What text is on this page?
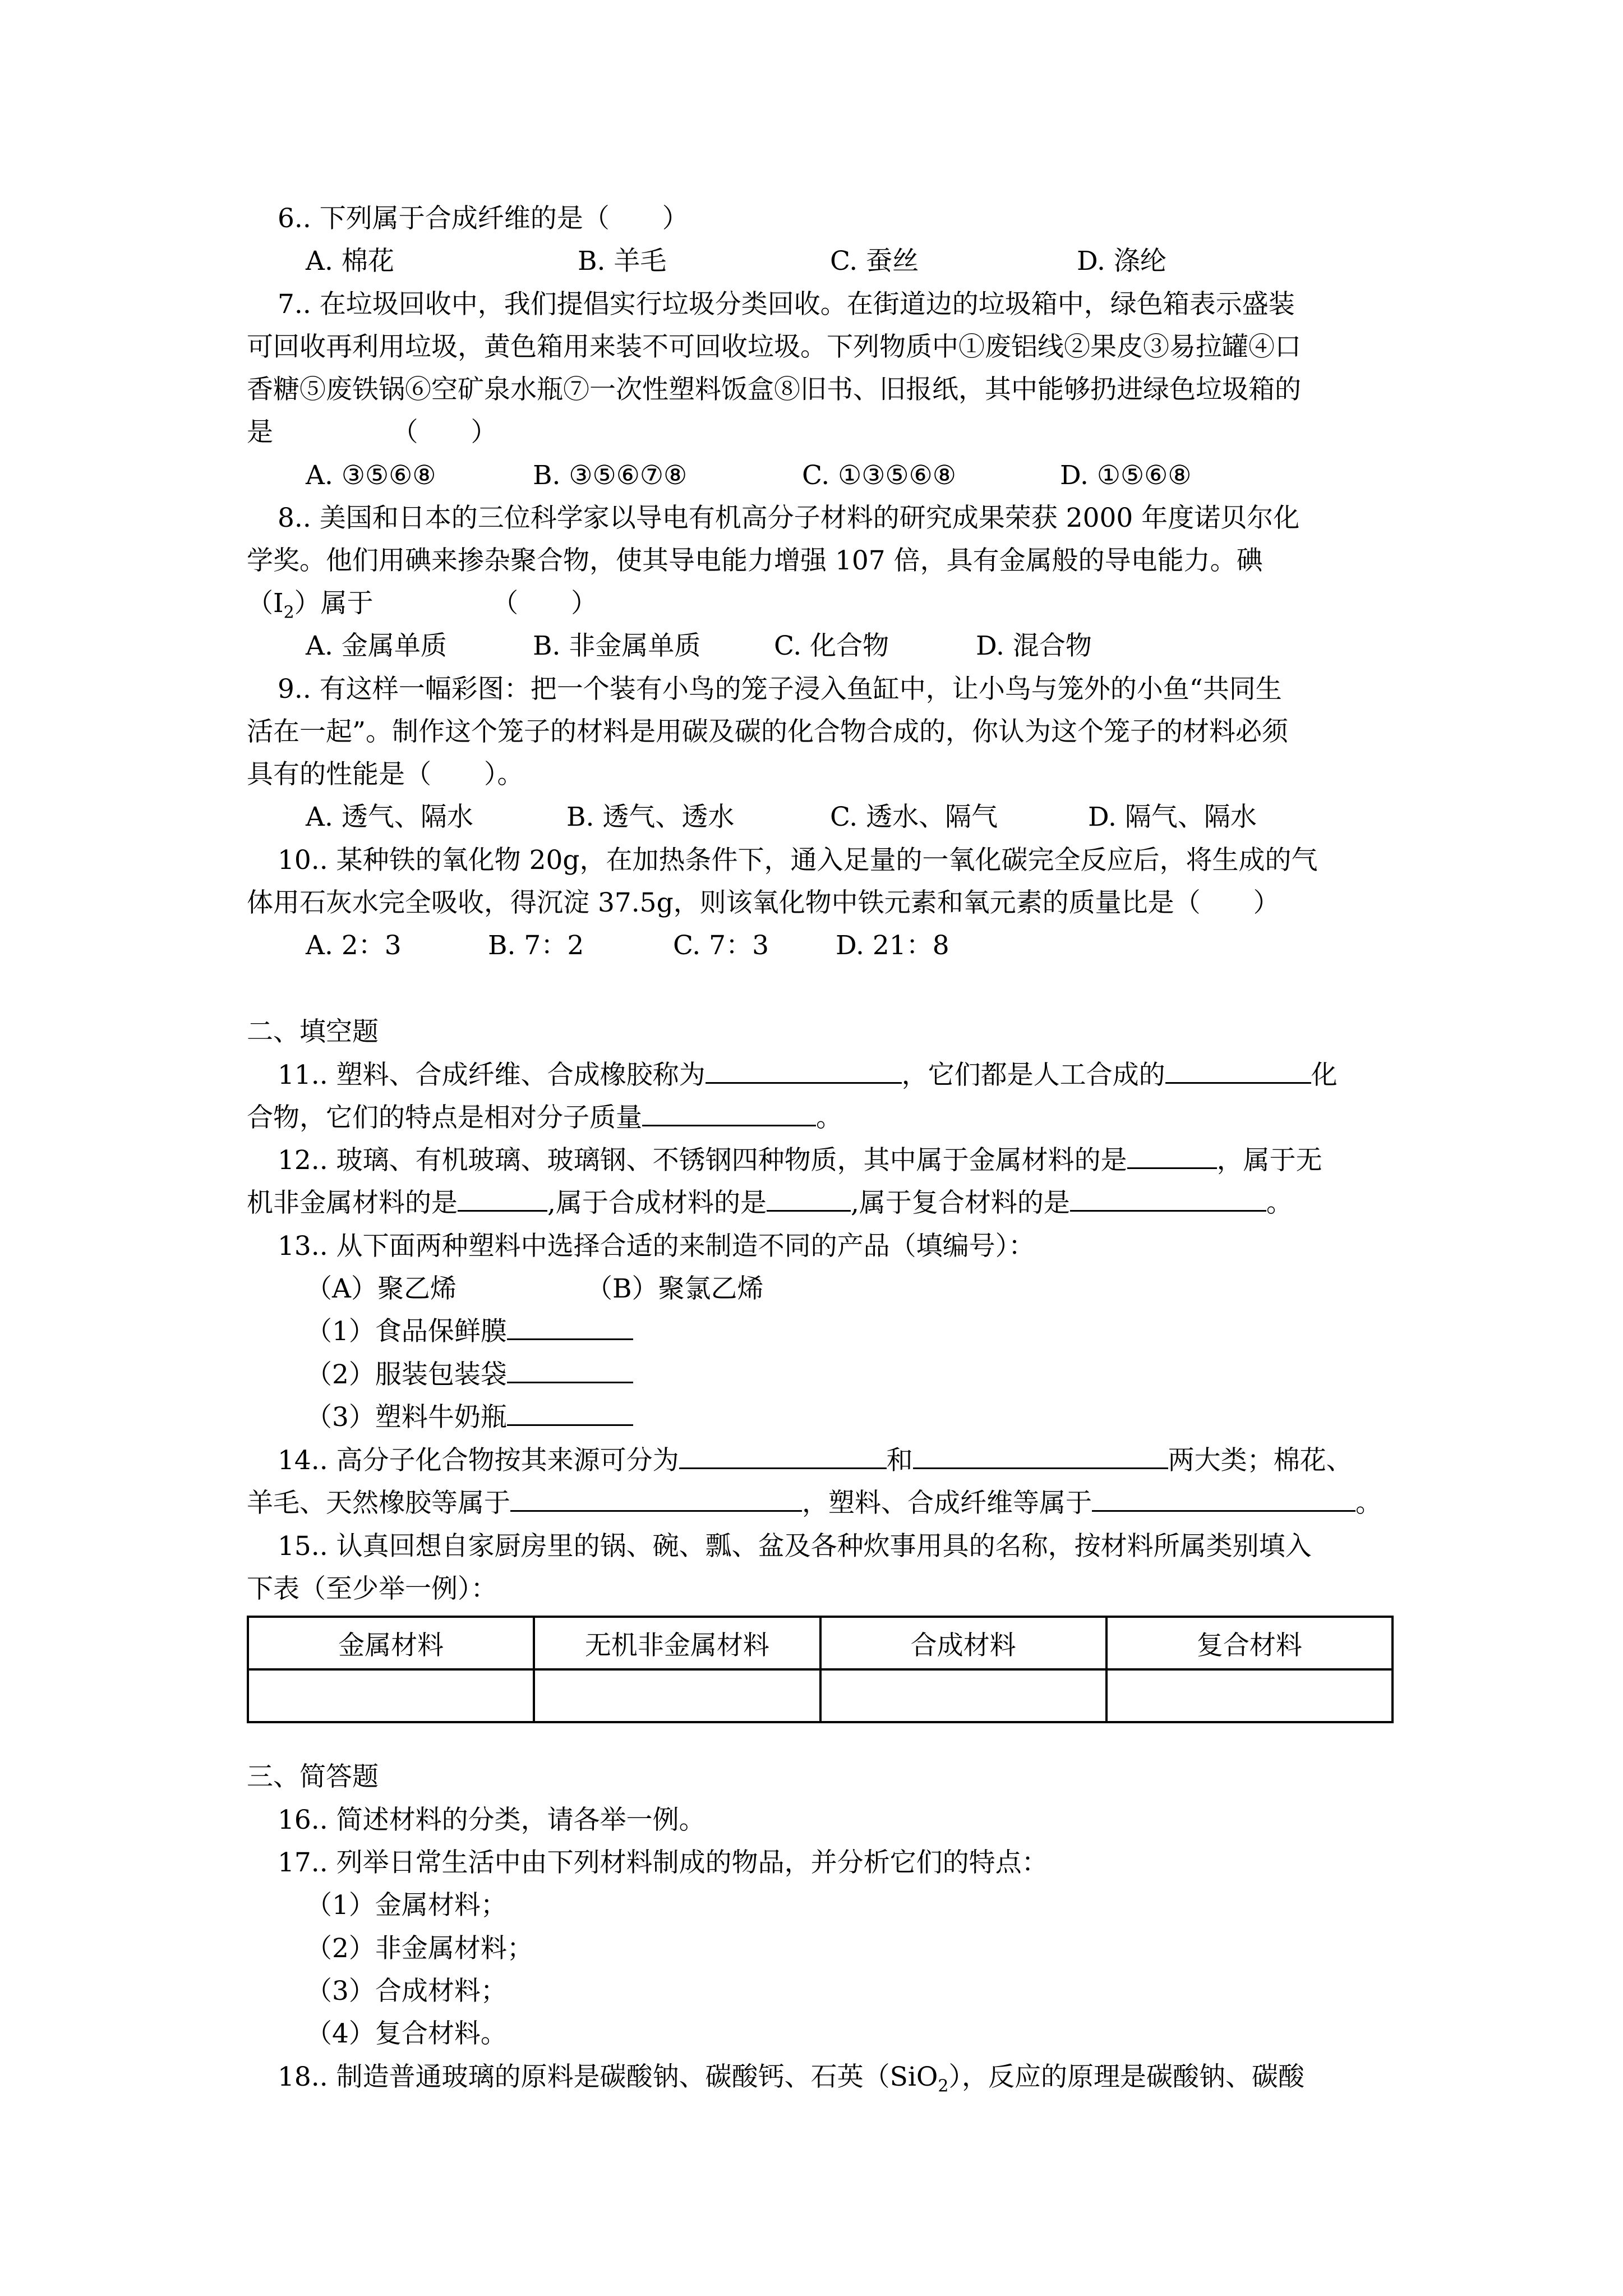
6.. 下列属于合成纤维的是（　　）
A. 棉花	B. 羊毛	C. 蚕丝	D. 涤纶
7.. 在垃圾回收中，我们提倡实行垃圾分类回收。在街道边的垃圾箱中，绿色箱表示盛装
可回收再利用垃圾，黄色箱用来装不可回收垃圾。下列物质中①废铝线②果皮③易拉罐④口
香糖⑤废铁锅⑥空矿泉水瓶⑦一次性塑料饭盒⑧旧书、旧报纸，其中能够扔进绿色垃圾箱的
是　　　　　（　　）
A. ③⑤⑥⑧	B. ③⑤⑥⑦⑧	C. ①③⑤⑥⑧	D. ①⑤⑥⑧
8.. 美国和日本的三位科学家以导电有机高分子材料的研究成果荣获 2000 年度诺贝尔化
学奖。他们用碘来掺杂聚合物，使其导电能力增强 107 倍，具有金属般的导电能力。碘
$(I_2)$属于　　　　　（　　）
A. 金属单质	B. 非金属单质	C. 化合物	D. 混合物
9.. 有这样一幅彩图：把一个装有小鸟的笼子浸入鱼缸中，让小鸟与笼外的小鱼“共同生
活在一起”。制作这个笼子的材料是用碳及碳的化合物合成的，你认为这个笼子的材料必须
具有的性能是（　　）。
A. 透气、隔水	B. 透气、透水	C. 透水、隔气	D. 隔气、隔水
10.. 某种铁的氧化物 20g，在加热条件下，通入足量的一氧化碳完全反应后，将生成的气
体用石灰水完全吸收，得沉淀 37.5g，则该氧化物中铁元素和氧元素的质量比是（　　）
A. 2：3	B. 7：2	C. 7：3	D. 21：8
二、填空题
11.. 塑料、合成纤维、合成橡胶称为	，它们都是人工合成的	化
合物，它们的特点是相对分子质量	。
12.. 玻璃、有机玻璃、玻璃钢、不锈钢四种物质，其中属于金属材料的是	，属于无
机非金属材料的是	,属于合成材料的是	,属于复合材料的是	。
13.. 从下面两种塑料中选择合适的来制造不同的产品（填编号）：
（A）聚乙烯	（B）聚氯乙烯
（1）食品保鲜膜
（2）服装包装袋
（3）塑料牛奶瓶
14.. 高分子化合物按其来源可分为	和	两大类；棉花、
羊毛、天然橡胶等属于	，塑料、合成纤维等属于	。
15.. 认真回想自家厨房里的锅、碗、瓢、盆及各种炊事用具的名称，按材料所属类别填入
下表（至少举一例）：
金属材料	无机非金属材料	合成材料	复合材料

三、简答题
16.. 简述材料的分类，请各举一例。
17.. 列举日常生活中由下列材料制成的物品，并分析它们的特点：
（1）金属材料；
（2）非金属材料；
（3）合成材料；
（4）复合材料。
18.. 制造普通玻璃的原料是碳酸钠、碳酸钙、石英（SiO$_2$），反应的原理是碳酸钠、碳酸
